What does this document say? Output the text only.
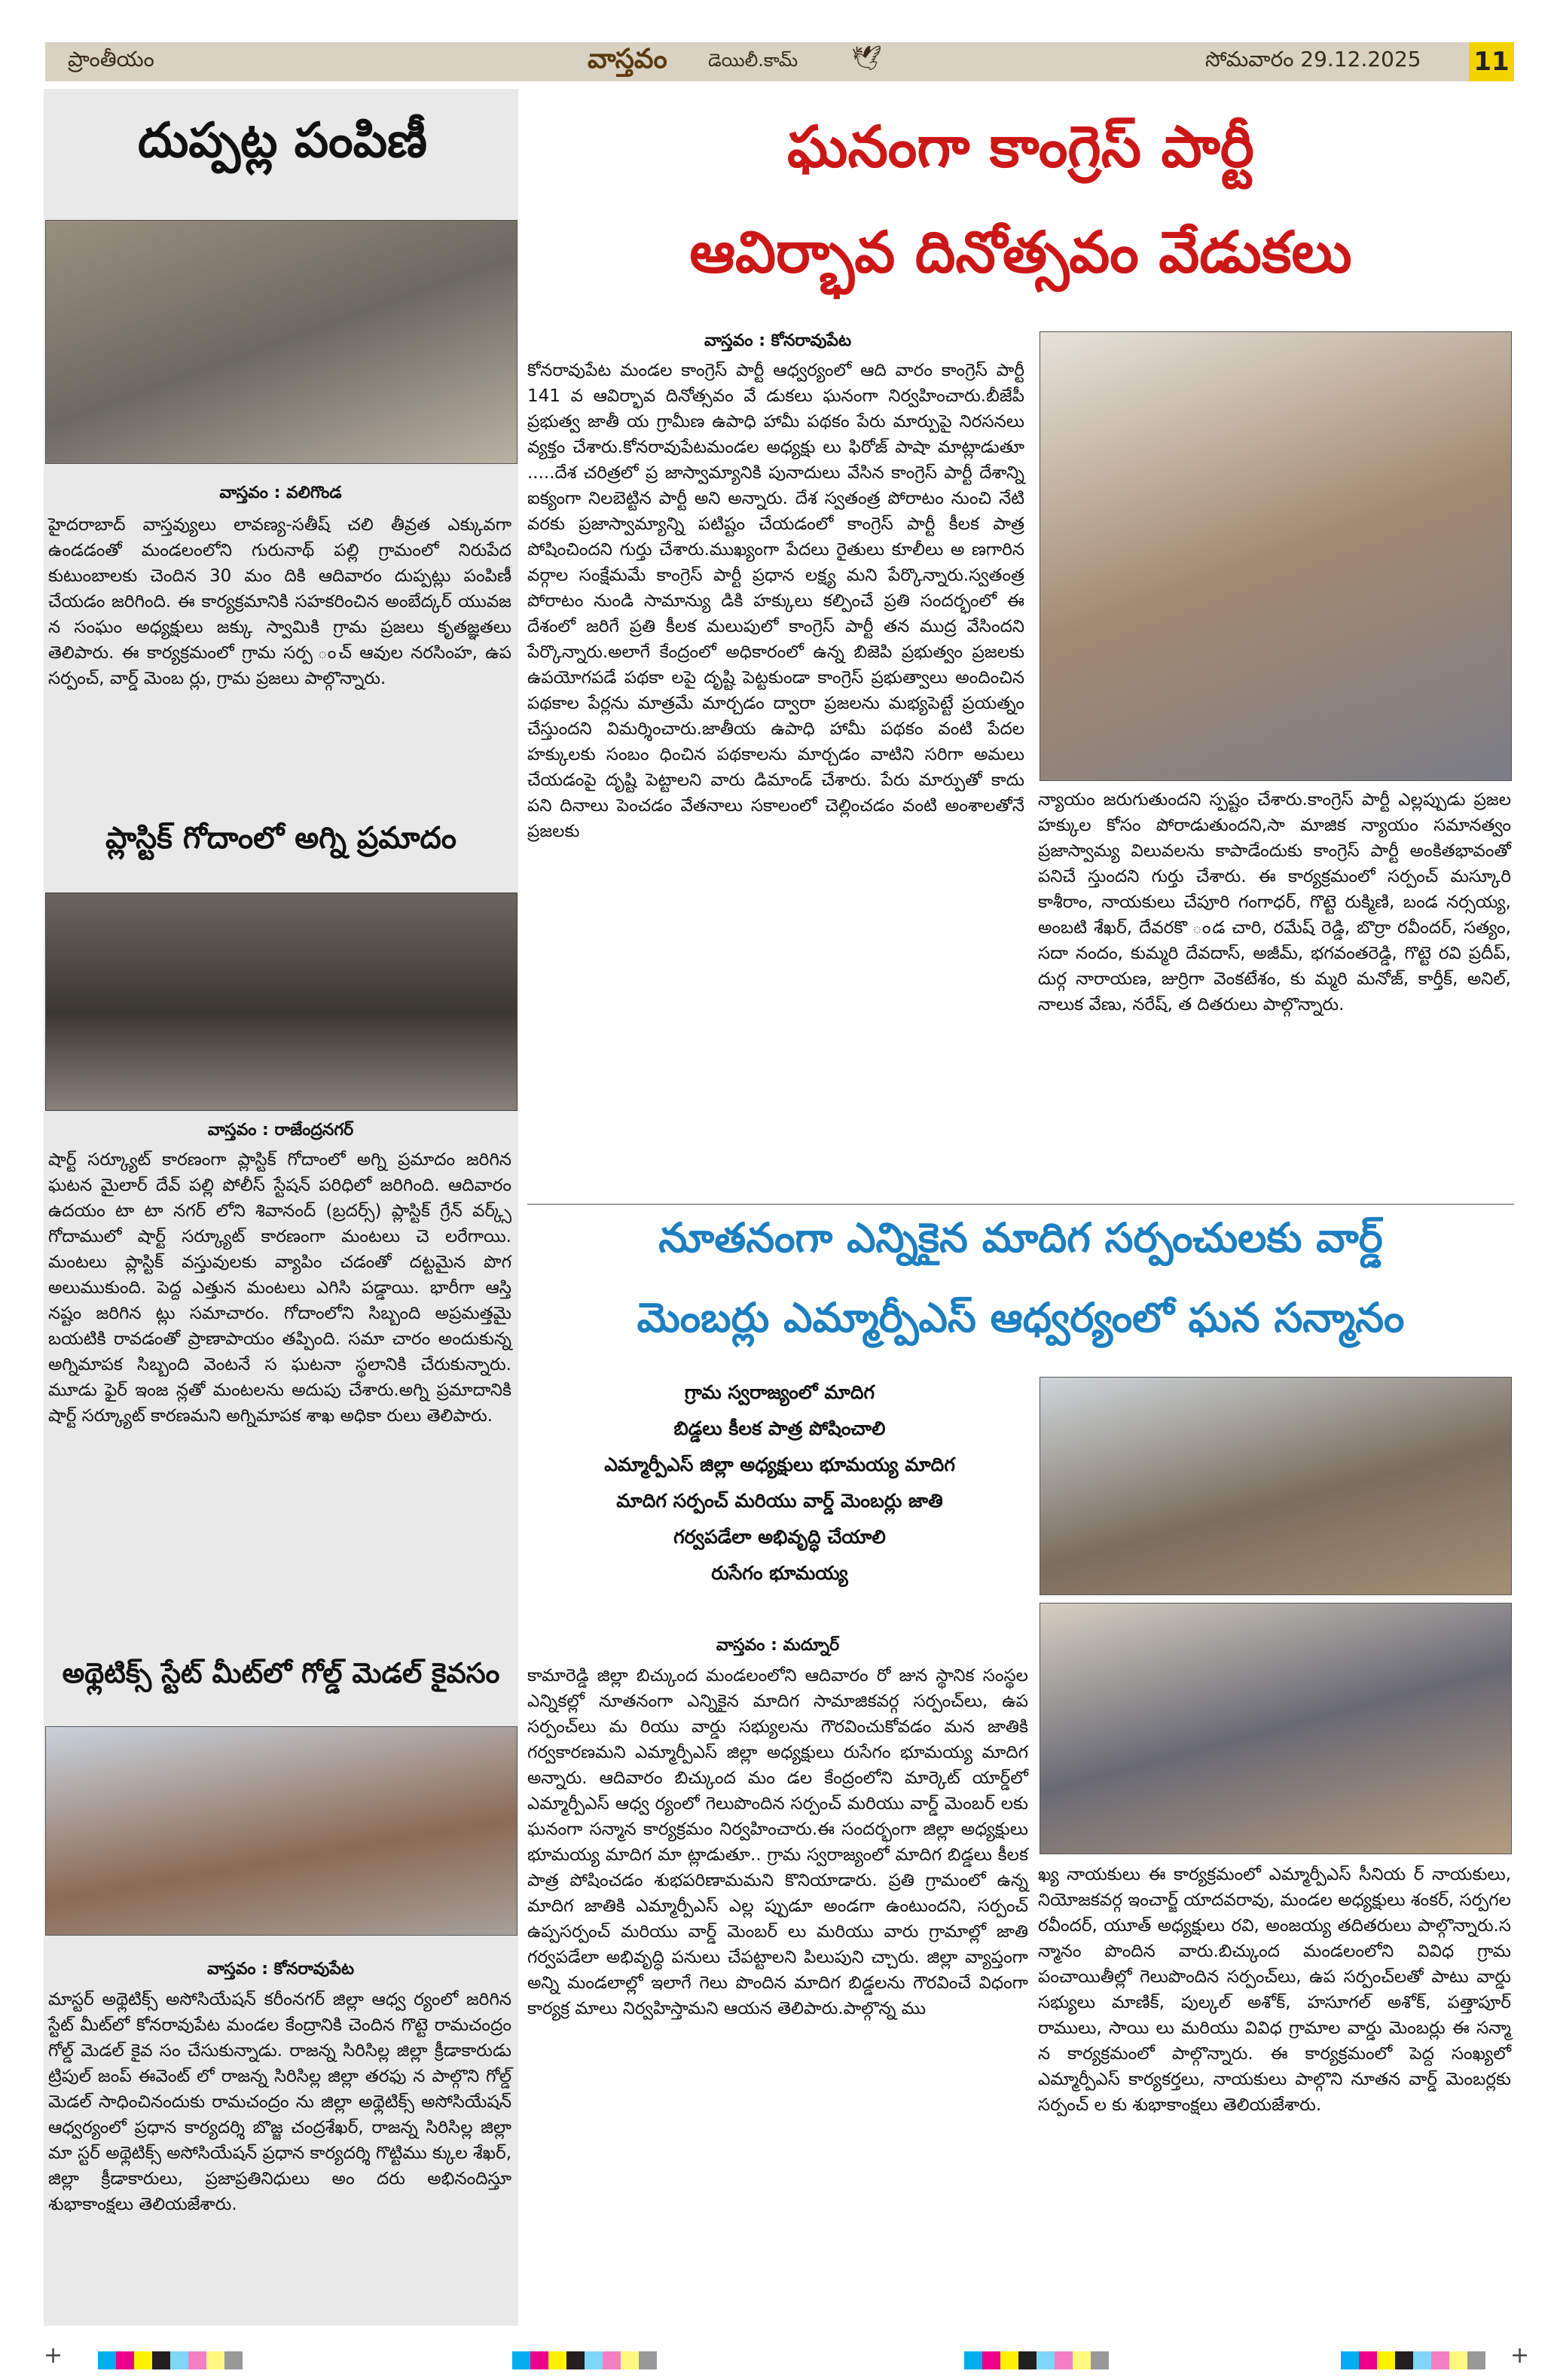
ప్రాంతీయం	వాస్తవం డెయిలీ.కామ్ 🕊	సోమవారం 29.12.2025 11
దుప్పట్ల పంపిణీ
వాస్తవం : వలిగొండ

హైదరాబాద్ వాస్తవ్యులు లావణ్య-సతీష్ చలి తీవ్రత ఎక్కువగా ఉండడంతో మండలంలోని గురునాథ్ పల్లి గ్రామంలో నిరుపేద కుటుంబాలకు చెందిన 30 మం దికి ఆదివారం దుప్పట్లు పంపిణీ చేయడం జరిగింది. ఈ కార్యక్రమానికి సహకరించిన అంబేద్కర్ యువజ న సంఘం అధ్యక్షులు జక్కు స్వామికి గ్రామ ప్రజలు కృతజ్ఞతలు తెలిపారు. ఈ కార్యక్రమంలో గ్రామ సర్ప ంచ్ ఆవుల నరసింహ, ఉప సర్పంచ్, వార్డ్ మెంబ ర్లు, గ్రామ ప్రజలు పాల్గొన్నారు.

ప్లాస్టిక్ గోదాంలో అగ్ని ప్రమాదం
వాస్తవం : రాజేంద్రనగర్

షార్ట్ సర్క్యూట్ కారణంగా ప్లాస్టిక్ గోదాంలో అగ్ని ప్రమాదం జరిగిన ఘటన మైలార్ దేవ్ పల్లి పోలీస్ స్టేషన్ పరిధిలో జరిగింది. ఆదివారం ఉదయం టా టా నగర్ లోని శివానంద్ (బ్రదర్స్) ప్లాస్టిక్ గ్రేన్ వర్క్స్ గోదాములో షార్ట్ సర్క్యూట్ కారణంగా మంటలు చె లరేగాయి. మంటలు ప్లాస్టిక్ వస్తువులకు వ్యాపిం చడంతో దట్టమైన పొగ అలుముకుంది. పెద్ద ఎత్తున మంటలు ఎగిసి పడ్డాయి. భారీగా ఆస్తి నష్టం జరిగిన ట్లు సమాచారం. గోదాంలోని సిబ్బంది అప్రమత్తమై బయటికి రావడంతో ప్రాణాపాయం తప్పింది. సమా చారం అందుకున్న అగ్నిమాపక సిబ్బంది వెంటనే స ఘటనా స్థలానికి చేరుకున్నారు. మూడు ఫైర్ ఇంజ న్లతో మంటలను అదుపు చేశారు.అగ్ని ప్రమాదానికి షార్ట్ సర్క్యూట్ కారణమని అగ్నిమాపక శాఖ అధికా రులు తెలిపారు.

అథ్లెటిక్స్ స్టేట్ మీట్‌లో గోల్డ్ మెడల్ కైవసం
వాస్తవం : కోనరావుపేట

మాస్టర్ అథ్లెటిక్స్ అసోసియేషన్ కరీంనగర్ జిల్లా ఆధ్వ ర్యంలో జరిగిన స్టేట్ మీట్‌లో కోనరావుపేట మండల కేంద్రానికి చెందిన గొట్టె రామచంద్రం గోల్డ్ మెడల్ కైవ సం చేసుకున్నాడు. రాజన్న సిరిసిల్ల జిల్లా క్రీడాకారుడు ట్రిపుల్ జంప్ ఈవెంట్ లో రాజన్న సిరిసిల్ల జిల్లా తరఫు న పాల్గొని గోల్డ్ మెడల్ సాధించినందుకు రామచంద్రం ను జిల్లా అథ్లెటిక్స్ అసోసియేషన్ ఆధ్వర్యంలో ప్రధాన కార్యదర్శి బొజ్జ చంద్రశేఖర్, రాజన్న సిరిసిల్ల జిల్లా మా స్టర్ అథ్లెటిక్స్ అసోసియేషన్ ప్రధాన కార్యదర్శి గొట్టిము క్కుల శేఖర్, జిల్లా క్రీడాకారులు, ప్రజాప్రతినిధులు అం దరు అభినందిస్తూ శుభాకాంక్షలు తెలియజేశారు.

ఘనంగా కాంగ్రెస్ పార్టీ
ఆవిర్భావ దినోత్సవం వేడుకలు
వాస్తవం : కోనరావుపేట

కోనరావుపేట మండల కాంగ్రెస్ పార్టీ ఆధ్వర్యంలో ఆది వారం కాంగ్రెస్ పార్టీ 141 వ ఆవిర్భావ దినోత్సవం వే డుకలు ఘనంగా నిర్వహించారు.బీజేపీ ప్రభుత్వ జాతీ య గ్రామీణ ఉపాధి హామీ పథకం పేరు మార్పుపై నిరసనలు వ్యక్తం చేశారు.కోనరావుపేటమండల అధ్యక్షు లు ఫిరోజ్ పాషా మాట్లాడుతూ .....దేశ చరిత్రలో ప్ర జాస్వామ్యానికి పునాదులు వేసిన కాంగ్రెస్ పార్టీ దేశాన్ని ఐక్యంగా నిలబెట్టిన పార్టీ అని అన్నారు. దేశ స్వతంత్ర పోరాటం నుంచి నేటి వరకు ప్రజాస్వామ్యాన్ని పటిష్టం చేయడంలో కాంగ్రెస్ పార్టీ కీలక పాత్ర పోషించిందని గుర్తు చేశారు.ముఖ్యంగా పేదలు రైతులు కూలీలు అ ణగారిన వర్గాల సంక్షేమమే కాంగ్రెస్ పార్టీ ప్రధాన లక్ష్య మని పేర్కొన్నారు.స్వతంత్ర పోరాటం నుండి సామాన్యు డికి హక్కులు కల్పించే ప్రతి సందర్భంలో ఈ దేశంలో జరిగే ప్రతి కీలక మలుపులో కాంగ్రెస్ పార్టీ తన ముద్ర వేసిందని పేర్కొన్నారు.అలాగే కేంద్రంలో అధికారంలో ఉన్న బిజెపి ప్రభుత్వం ప్రజలకు ఉపయోగపడే పథకా లపై దృష్టి పెట్టకుండా కాంగ్రెస్ ప్రభుత్వాలు అందించిన పథకాల పేర్లను మాత్రమే మార్చడం ద్వారా ప్రజలను మభ్యపెట్టే ప్రయత్నం చేస్తుందని విమర్శించారు.జాతీయ ఉపాధి హామీ పథకం వంటి పేదల హక్కులకు సంబం ధించిన పథకాలను మార్చడం వాటిని సరిగా అమలు చేయడంపై దృష్టి పెట్టాలని వారు డిమాండ్ చేశారు. పేరు మార్పుతో కాదు పని దినాలు పెంచడం వేతనాలు సకాలంలో చెల్లించడం వంటి అంశాలతోనే ప్రజలకు

న్యాయం జరుగుతుందని స్పష్టం చేశారు.కాంగ్రెస్ పార్టీ ఎల్లప్పుడు ప్రజల హక్కుల కోసం పోరాడుతుందని,సా మాజిక న్యాయం సమానత్వం ప్రజాస్వామ్య విలువలను కాపాడేందుకు కాంగ్రెస్ పార్టీ అంకితభావంతో పనిచే స్తుందని గుర్తు చేశారు. ఈ కార్యక్రమంలో సర్పంచ్ మస్కూరి కాశీరాం, నాయకులు చేపూరి గంగాధర్, గొట్టె రుక్మిణి, బండ నర్సయ్య, అంబటి శేఖర్, దేవరకొ ండ చారి, రమేష్ రెడ్డి, బొర్రా రవీందర్, సత్యం, సదా నందం, కుమ్మరి దేవదాస్, అజీమ్, భగవంతరెడ్డి, గొట్టె రవి ప్రదీప్, దుర్గ నారాయణ, జుర్రిగా వెంకటేశం, కు మ్మరి మనోజ్, కార్తీక్, అనిల్, నాలుక వేణు, నరేష్, త దితరులు పాల్గొన్నారు.

నూతనంగా ఎన్నికైన మాదిగ సర్పంచులకు వార్డ్
మెంబర్లు ఎమ్మార్పీఎస్ ఆధ్వర్యంలో ఘన సన్మానం
గ్రామ స్వరాజ్యంలో మాదిగ
బిడ్డలు కీలక పాత్ర పోషించాలి
ఎమ్మార్పీఎస్ జిల్లా అధ్యక్షులు భూమయ్య మాదిగ
మాదిగ సర్పంచ్ మరియు వార్డ్ మెంబర్లు జాతి
గర్వపడేలా అభివృద్ధి చేయాలి
రుసేగం భూమయ్య
వాస్తవం : మద్నూర్

కామారెడ్డి జిల్లా బిచ్కుంద మండలంలోని ఆదివారం రో జున స్థానిక సంస్థల ఎన్నికల్లో నూతనంగా ఎన్నికైన మాదిగ సామాజికవర్గ సర్పంచ్‌లు, ఉప సర్పంచ్‌లు మ రియు వార్డు సభ్యులను గౌరవించుకోవడం మన జాతికి గర్వకారణమని ఎమ్మార్పీఎస్ జిల్లా అధ్యక్షులు రుసేగం భూమయ్య మాదిగ అన్నారు. ఆదివారం బిచ్కుంద మం డల కేంద్రంలోని మార్కెట్ యార్డ్‌లో ఎమ్మార్పీఎస్ ఆధ్వ ర్యంలో గెలుపొందిన సర్పంచ్ మరియు వార్డ్ మెంబర్ లకు ఘనంగా సన్మాన కార్యక్రమం నిర్వహించారు.ఈ సందర్భంగా జిల్లా అధ్యక్షులు భూమయ్య మాదిగ మా ట్లాడుతూ.. గ్రామ స్వరాజ్యంలో మాదిగ బిడ్డలు కీలక పాత్ర పోషించడం శుభపరిణామమని కొనియాడారు. ప్రతి గ్రామంలో ఉన్న మాదిగ జాతికి ఎమ్మార్పీఎస్ ఎల్ల ప్పుడూ అండగా ఉంటుందని, సర్పంచ్ ఉప్పసర్పంచ్ మరియు వార్డ్ మెంబర్ లు మరియు వారు గ్రామాల్లో జాతి గర్వపడేలా అభివృద్ధి పనులు చేపట్టాలని పిలుపుని చ్చారు. జిల్లా వ్యాప్తంగా అన్ని మండలాల్లో ఇలాగే గెలు పొందిన మాదిగ బిడ్డలను గౌరవించే విధంగా కార్యక్ర మాలు నిర్వహిస్తామని ఆయన తెలిపారు.పాల్గొన్న ము

ఖ్య నాయకులు ఈ కార్యక్రమంలో ఎమ్మార్పీఎస్ సీనియ ర్ నాయకులు, నియోజకవర్గ ఇంచార్జ్ యాదవరావు, మండల అధ్యక్షులు శంకర్, సర్పగల రవీందర్, యూత్ అధ్యక్షులు రవి, అంజయ్య తదితరులు పాల్గొన్నారు.స న్మానం పొందిన వారు.బిచ్కుంద మండలంలోని వివిధ గ్రామ పంచాయితీల్లో గెలుపొందిన సర్పంచ్‌లు, ఉప సర్పంచ్‌లతో పాటు వార్డు సభ్యులు మాణిక్, పుల్కల్ అశోక్, హసూగల్ అశోక్, పత్తాపూర్ రాములు, సాయి లు మరియు వివిధ గ్రామాల వార్డు మెంబర్లు ఈ సన్మా న కార్యక్రమంలో పాల్గొన్నారు. ఈ కార్యక్రమంలో పెద్ద సంఖ్యలో ఎమ్మార్పీఎస్ కార్యకర్తలు, నాయకులు పాల్గొని నూతన వార్డ్ మెంబర్లకు సర్పంచ్ ల కు శుభాకాంక్షలు తెలియజేశారు.

+	+
